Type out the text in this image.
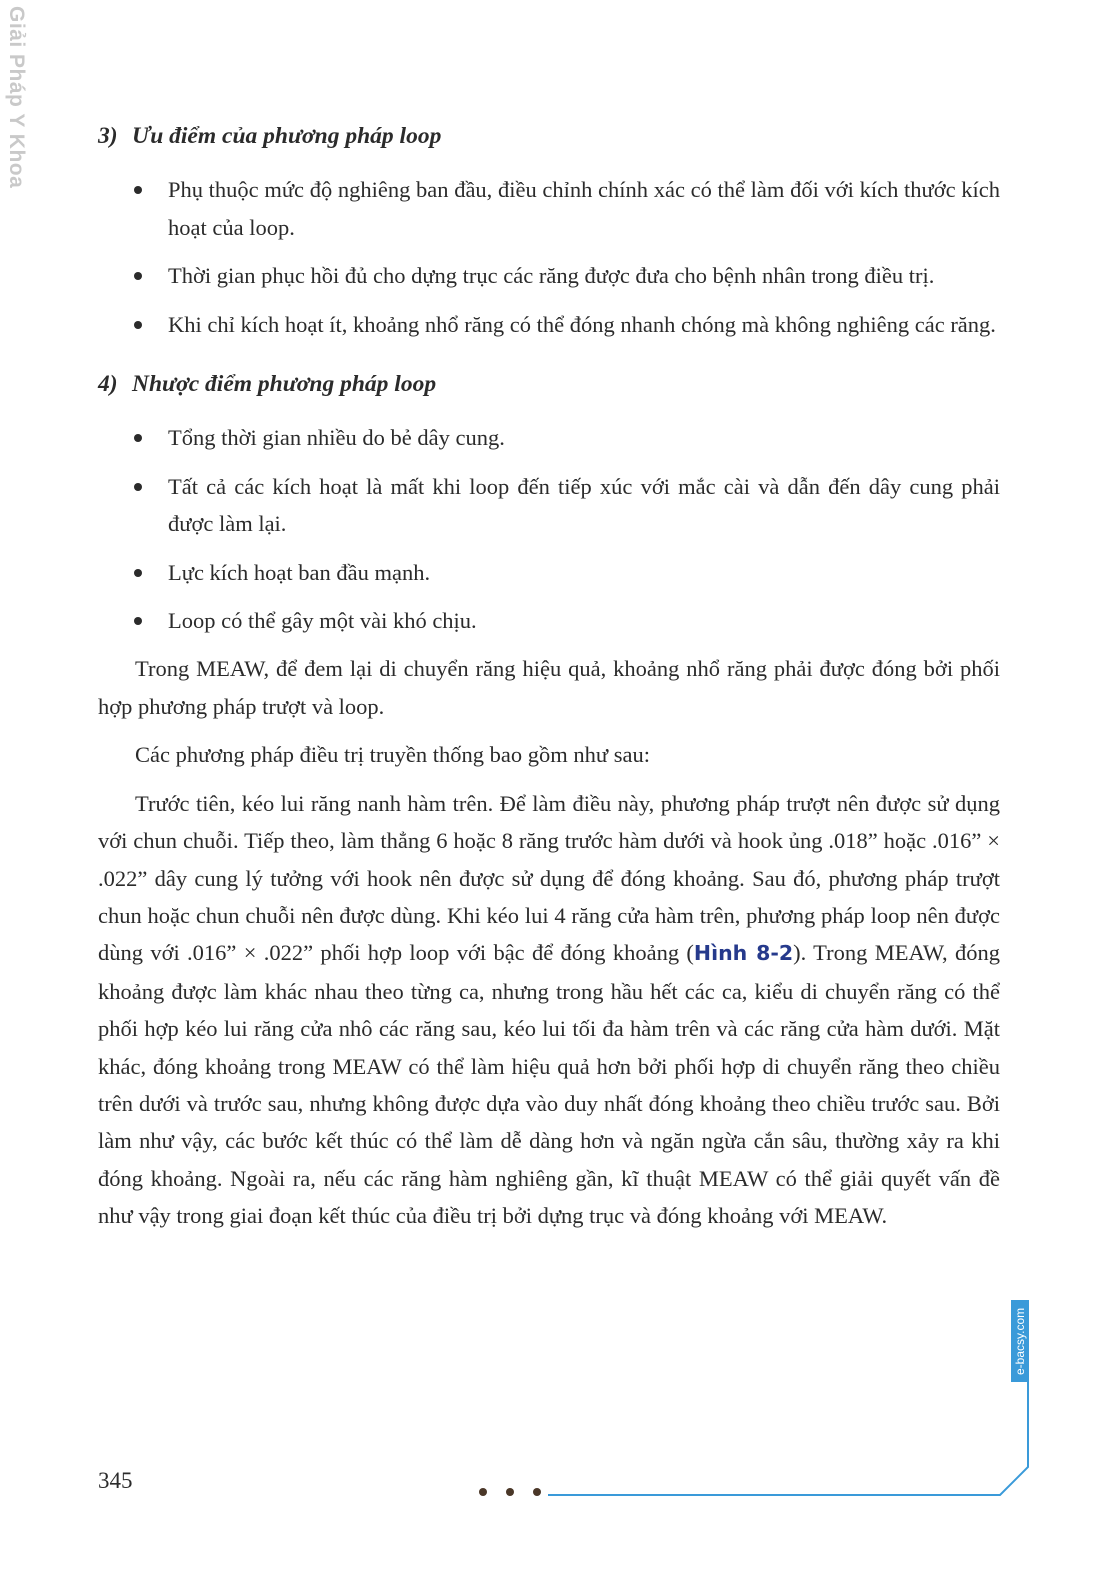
Giải Pháp Y Khoa	3) Ưu điểm của phương pháp loop
Phụ thuộc mức độ nghiêng ban đầu, điều chỉnh chính xác có thể làm đối với kích thước kích hoạt của loop.
Thời gian phục hồi đủ cho dựng trục các răng được đưa cho bệnh nhân trong điều trị.
Khi chỉ kích hoạt ít, khoảng nhổ răng có thể đóng nhanh chóng mà không nghiêng các răng.
4) Nhược điểm phương pháp loop
Tổng thời gian nhiều do bẻ dây cung.
Tất cả các kích hoạt là mất khi loop đến tiếp xúc với mắc cài và dẫn đến dây cung phải được làm lại.
Lực kích hoạt ban đầu mạnh.
Loop có thể gây một vài khó chịu.

Trong MEAW, để đem lại di chuyển răng hiệu quả, khoảng nhổ răng phải được đóng bởi phối hợp phương pháp trượt và loop.

Các phương pháp điều trị truyền thống bao gồm như sau:

Trước tiên, kéo lui răng nanh hàm trên. Để làm điều này, phương pháp trượt nên được sử dụng với chun chuỗi. Tiếp theo, làm thẳng 6 hoặc 8 răng trước hàm dưới và hook ủng .018” hoặc .016” × .022” dây cung lý tưởng với hook nên được sử dụng để đóng khoảng. Sau đó, phương pháp trượt chun hoặc chun chuỗi nên được dùng. Khi kéo lui 4 răng cửa hàm trên, phương pháp loop nên được dùng với .016” × .022” phối hợp loop với bậc để đóng khoảng (Hình 8-2). Trong MEAW, đóng khoảng được làm khác nhau theo từng ca, nhưng trong hầu hết các ca, kiểu di chuyển răng có thể phối hợp kéo lui răng cửa nhô các răng sau, kéo lui tối đa hàm trên và các răng cửa hàm dưới. Mặt khác, đóng khoảng trong MEAW có thể làm hiệu quả hơn bởi phối hợp di chuyển răng theo chiều trên dưới và trước sau, nhưng không được dựa vào duy nhất đóng khoảng theo chiều trước sau. Bởi làm như vậy, các bước kết thúc có thể làm dễ dàng hơn và ngăn ngừa cắn sâu, thường xảy ra khi đóng khoảng. Ngoài ra, nếu các răng hàm nghiêng gần, kĩ thuật MEAW có thể giải quyết vấn đề như vậy trong giai đoạn kết thúc của điều trị bởi dựng trục và đóng khoảng với MEAW.

345
e-bacsy.com
